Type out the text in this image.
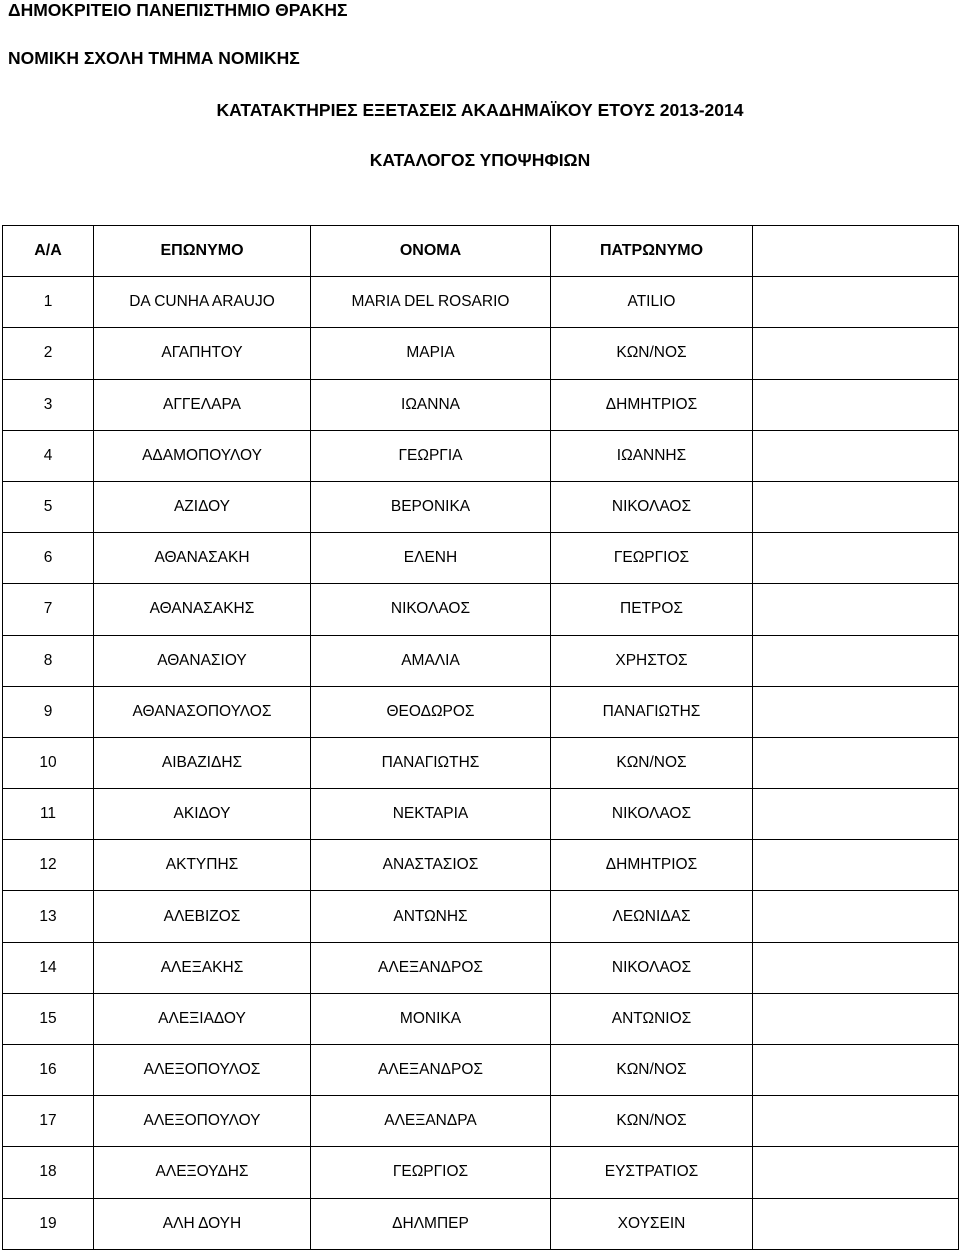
ΔΗΜΟΚΡΙΤΕΙΟ ΠΑΝΕΠΙΣΤΗΜΙΟ ΘΡΑΚΗΣ
ΝΟΜΙΚΗ ΣΧΟΛΗ ΤΜΗΜΑ ΝΟΜΙΚΗΣ
ΚΑΤΑΤΑΚΤΗΡΙΕΣ ΕΞΕΤΑΣΕΙΣ ΑΚΑΔΗΜΑΪΚΟΥ ΕΤΟΥΣ 2013-2014
ΚΑΤΑΛΟΓΟΣ ΥΠΟΨΗΦΙΩΝ
Α/Α	ΕΠΩΝΥΜΟ	ΟΝΟΜΑ	ΠΑΤΡΩΝΥΜΟ
1	DA CUNHA ARAUJO	MARIA DEL ROSARIO	ATILIO
2	ΑΓΑΠΗΤΟΥ	ΜΑΡΙΑ	ΚΩΝ/ΝΟΣ
3	ΑΓΓΕΛΑΡΑ	ΙΩΑΝΝΑ	ΔΗΜΗΤΡΙΟΣ
4	ΑΔΑΜΟΠΟΥΛΟΥ	ΓΕΩΡΓΙΑ	ΙΩΑΝΝΗΣ
5	ΑΖΙΔΟΥ	ΒΕΡΟΝΙΚΑ	ΝΙΚΟΛΑΟΣ
6	ΑΘΑΝΑΣΑΚΗ	ΕΛΕΝΗ	ΓΕΩΡΓΙΟΣ
7	ΑΘΑΝΑΣΑΚΗΣ	ΝΙΚΟΛΑΟΣ	ΠΕΤΡΟΣ
8	ΑΘΑΝΑΣΙΟΥ	ΑΜΑΛΙΑ	ΧΡΗΣΤΟΣ
9	ΑΘΑΝΑΣΟΠΟΥΛΟΣ	ΘΕΟΔΩΡΟΣ	ΠΑΝΑΓΙΩΤΗΣ
10	ΑΙΒΑΖΙΔΗΣ	ΠΑΝΑΓΙΩΤΗΣ	ΚΩΝ/ΝΟΣ
11	ΑΚΙΔΟΥ	ΝΕΚΤΑΡΙΑ	ΝΙΚΟΛΑΟΣ
12	ΑΚΤΥΠΗΣ	ΑΝΑΣΤΑΣΙΟΣ	ΔΗΜΗΤΡΙΟΣ
13	ΑΛΕΒΙΖΟΣ	ΑΝΤΩΝΗΣ	ΛΕΩΝΙΔΑΣ
14	ΑΛΕΞΑΚΗΣ	ΑΛΕΞΑΝΔΡΟΣ	ΝΙΚΟΛΑΟΣ
15	ΑΛΕΞΙΑΔΟΥ	ΜΟΝΙΚΑ	ΑΝΤΩΝΙΟΣ
16	ΑΛΕΞΟΠΟΥΛΟΣ	ΑΛΕΞΑΝΔΡΟΣ	ΚΩΝ/ΝΟΣ
17	ΑΛΕΞΟΠΟΥΛΟΥ	ΑΛΕΞΑΝΔΡΑ	ΚΩΝ/ΝΟΣ
18	ΑΛΕΞΟΥΔΗΣ	ΓΕΩΡΓΙΟΣ	ΕΥΣΤΡΑΤΙΟΣ
19	ΑΛΗ ΔΟΥΗ	ΔΗΛΜΠΕΡ	ΧΟΥΣΕΙΝ
